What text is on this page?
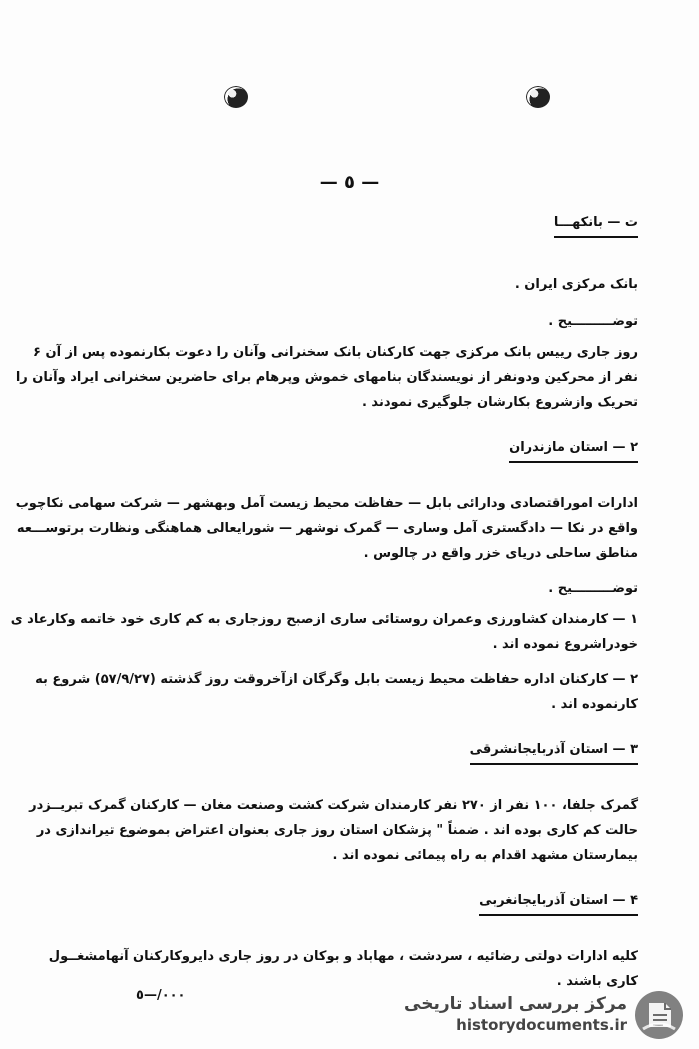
— ٥ —
ت — بانکهـــا
بانک مرکزی ایران .
توضـــــــــیح .
روز جاری رییس بانک مرکزی جهت کارکنان بانک سخنرانی وآنان را دعوت بکارنموده پس از آن ۶
نفر از محرکین ودونفر از نویسندگان بنامهای خموش وپرهام برای حاضرین سخنرانی ایراد وآنان را
تحریک وازشروع بکارشان جلوگیری نمودند .
۲ — استان مازندران
ادارات اموراقتصادی ودارائی بابل — حفاظت محیط زیست آمل وبهشهر — شرکت سهامی نکاچوب
واقع در نکا — دادگستری آمل وساری — گمرک نوشهر — شورایعالی هماهنگی ونظارت برتوســـعه
مناطق ساحلی دریای خزر واقع در چالوس .
توضـــــــــیح .
۱ — کارمندان کشاورزی وعمران روستائی ساری ازصبح روزجاری به کم کاری خود خاتمه وکارعاد ی
خودراشروع نموده اند .
۲ — کارکنان اداره حفاظت محیط زیست بابل وگرگان ازآخروقت روز گذشته (۵۷/۹/۲۷) شروع به
کارنموده اند .
۳ — استان آذربایجانشرقی
گمرک جلفا، ۱۰۰ نفر از ۲۷۰ نفر کارمندان شرکت کشت وصنعت مغان — کارکنان گمرک تبریــزدر
حالت کم کاری بوده اند . ضمناً " پزشکان استان روز جاری بعنوان اعتراض بموضوع تیراندازی در
بیمارستان مشهد اقدام به راه پیمائی نموده اند .
۴ — استان آذربایجانغربی
کلیه ادارات دولتی رضائیه ، سردشت ، مهاباد و بوکان در روز جاری دایروکارکنان آنهامشغــول
کاری باشند .
٠٠٠/—٥	مرکز بررسی اسناد تاریخی
historydocuments.ir
